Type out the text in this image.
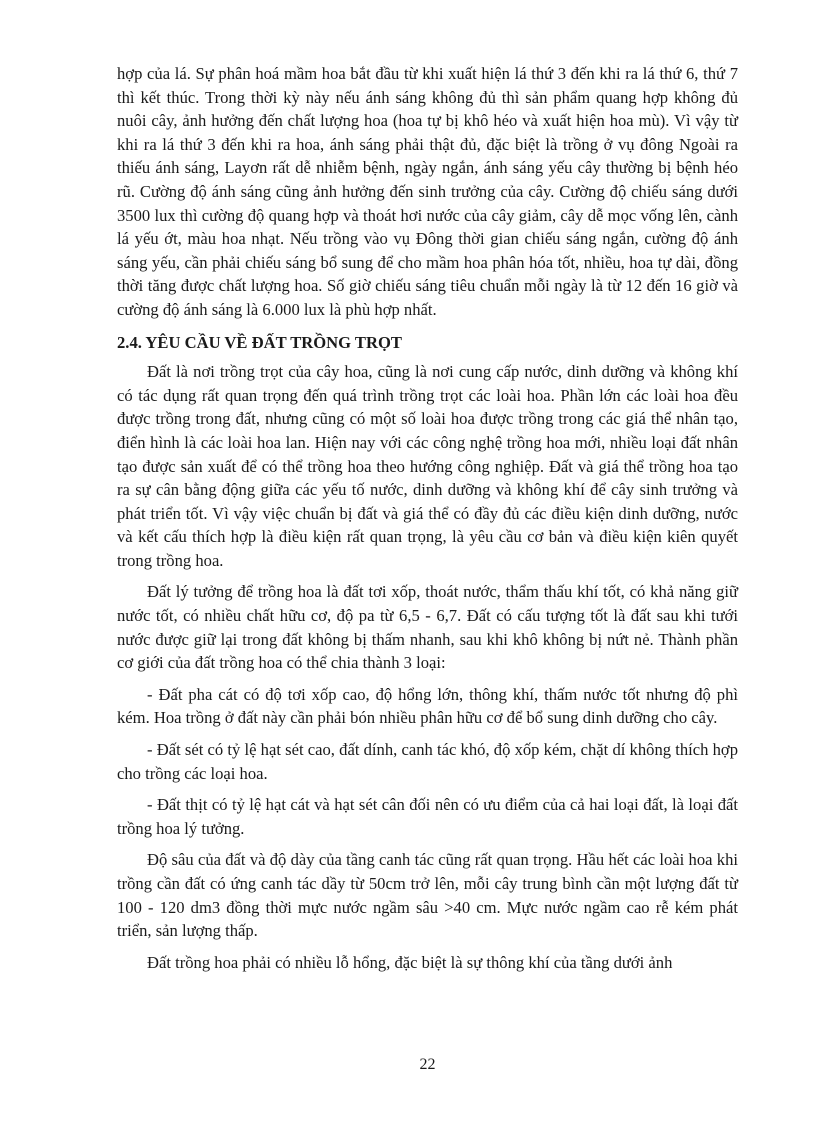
hợp của lá. Sự phân hoá mầm hoa bắt đầu từ khi xuất hiện lá thứ 3 đến khi ra lá thứ 6, thứ 7 thì kết thúc. Trong thời kỳ này nếu ánh sáng không đủ thì sản phẩm quang hợp không đủ nuôi cây, ảnh hưởng đến chất lượng hoa (hoa tự bị khô héo và xuất hiện hoa mù). Vì vậy từ khi ra lá thứ 3 đến khi ra hoa, ánh sáng phải thật đủ, đặc biệt là trồng ở vụ đông Ngoài ra thiếu ánh sáng, Layơn rất dễ nhiễm bệnh, ngày ngắn, ánh sáng yếu cây thường bị bệnh héo rũ. Cường độ ánh sáng cũng ảnh hưởng đến sinh trưởng của cây. Cường độ chiếu sáng dưới 3500 lux thì cường độ quang hợp và thoát hơi nước của cây giảm, cây dễ mọc vống lên, cành lá yếu ớt, màu hoa nhạt. Nếu trồng vào vụ Đông thời gian chiếu sáng ngắn, cường độ ánh sáng yếu, cần phải chiếu sáng bổ sung để cho mầm hoa phân hóa tốt, nhiều, hoa tự dài, đồng thời tăng được chất lượng hoa. Số giờ chiếu sáng tiêu chuẩn mỗi ngày là từ 12 đến 16 giờ và cường độ ánh sáng là 6.000 lux là phù hợp nhất.

2.4. YÊU CẦU VỀ ĐẤT TRỒNG TRỌT

Đất là nơi trồng trọt của cây hoa, cũng là nơi cung cấp nước, dinh dưỡng và không khí có tác dụng rất quan trọng đến quá trình trồng trọt các loài hoa. Phần lớn các loài hoa đều được trồng trong đất, nhưng cũng có một số loài hoa được trồng trong các giá thể nhân tạo, điển hình là các loài hoa lan. Hiện nay với các công nghệ trồng hoa mới, nhiều loại đất nhân tạo được sản xuất để có thể trồng hoa theo hướng công nghiệp. Đất và giá thể trồng hoa tạo ra sự cân bằng động giữa các yếu tố nước, dinh dưỡng và không khí để cây sinh trưởng và phát triển tốt. Vì vậy việc chuẩn bị đất và giá thể có đầy đủ các điều kiện dinh dưỡng, nước và kết cấu thích hợp là điều kiện rất quan trọng, là yêu cầu cơ bản và điều kiện kiên quyết trong trồng hoa.

Đất lý tưởng để trồng hoa là đất tơi xốp, thoát nước, thẩm thấu khí tốt, có khả năng giữ nước tốt, có nhiều chất hữu cơ, độ pa từ 6,5 - 6,7. Đất có cấu tượng tốt là đất sau khi tưới nước được giữ lại trong đất không bị thấm nhanh, sau khi khô không bị nứt nẻ. Thành phần cơ giới của đất trồng hoa có thể chia thành 3 loại:

- Đất pha cát có độ tơi xốp cao, độ hổng lớn, thông khí, thấm nước tốt nhưng độ phì kém. Hoa trồng ở đất này cần phải bón nhiều phân hữu cơ để bổ sung dinh dưỡng cho cây.

- Đất sét có tỷ lệ hạt sét cao, đất dính, canh tác khó, độ xốp kém, chặt dí không thích hợp cho trồng các loại hoa.

- Đất thịt có tỷ lệ hạt cát và hạt sét cân đối nên có ưu điểm của cả hai loại đất, là loại đất trồng hoa lý tưởng.

Độ sâu của đất và độ dày của tầng canh tác cũng rất quan trọng. Hầu hết các loài hoa khi trồng cần đất có ứng canh tác dầy từ 50cm trở lên, mỗi cây trung bình cần một lượng đất từ 100 - 120 dm3 đồng thời mực nước ngầm sâu >40 cm. Mực nước ngầm cao rễ kém phát triển, sản lượng thấp.

Đất trồng hoa phải có nhiều lỗ hổng, đặc biệt là sự thông khí của tầng dưới ảnh

22
